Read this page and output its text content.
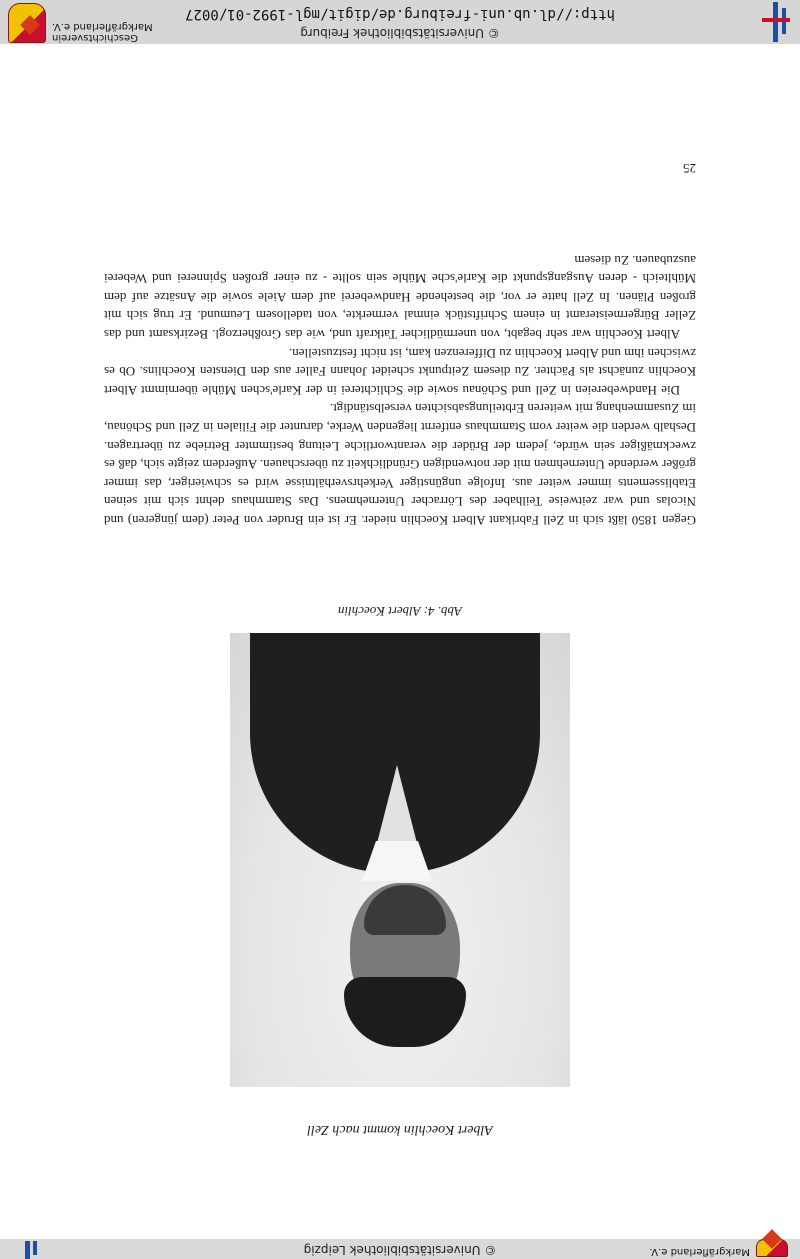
© Universitätsbibliothek Leipzig	Markgräflerland e.V.
Albert Koechlin kommt nach Zell
Abb. 4: Albert Koechlin

Gegen 1850 läßt sich in Zell Fabrikant Albert Koechlin nieder. Er ist ein Bruder von Peter (dem jüngeren) und Nicolas und war zeitweise Teilhaber des Lörracher Unternehmens. Das Stammhaus dehnt sich mit seinen Etablissements immer weiter aus. Infolge ungünstiger Verkehrsverhältnisse wird es schwieriger, das immer größer werdende Unternehmen mit der notwendigen Gründlichkeit zu überschauen. Außerdem zeigte sich, daß es zweckmäßiger sein würde, jedem der Brüder die verantwortliche Leitung bestimmter Betriebe zu übertragen. Deshalb werden die weiter vom Stammhaus entfernt liegenden Werke, darunter die Filialen in Zell und Schönau, im Zusammenhang mit weiteren Erbteilungsabsichten verselbständigt.

Die Handwebereien in Zell und Schönau sowie die Schlichterei in der Karle'schen Mühle übernimmt Albert Koechlin zunächst als Pächter. Zu diesem Zeitpunkt scheidet Johann Faller aus den Diensten Koechlins. Ob es zwischen ihm und Albert Koechlin zu Differenzen kam, ist nicht festzustellen.

Albert Koechlin war sehr begabt, von unermüdlicher Tatkraft und, wie das Großherzogl. Bezirksamt und das Zeller Bürgermeisteramt in einem Schriftstück einmal vermerkte, von tadellosem Leumund. Er trug sich mit großen Plänen. In Zell hatte er vor, die bestehende Handweberei auf dem Aiele sowie die Ansätze auf dem Mühlteich - deren Ausgangspunkt die Karle'sche Mühle sein sollte - zu einer großen Spinnerei und Weberei auszubauen. Zu diesem

25
© Universitätsbibliothek Freiburg
http://dl.ub.uni-freiburg.de/digit/mgl-1992-01/0027
Geschichtsverein
Markgräflerland e.V.
